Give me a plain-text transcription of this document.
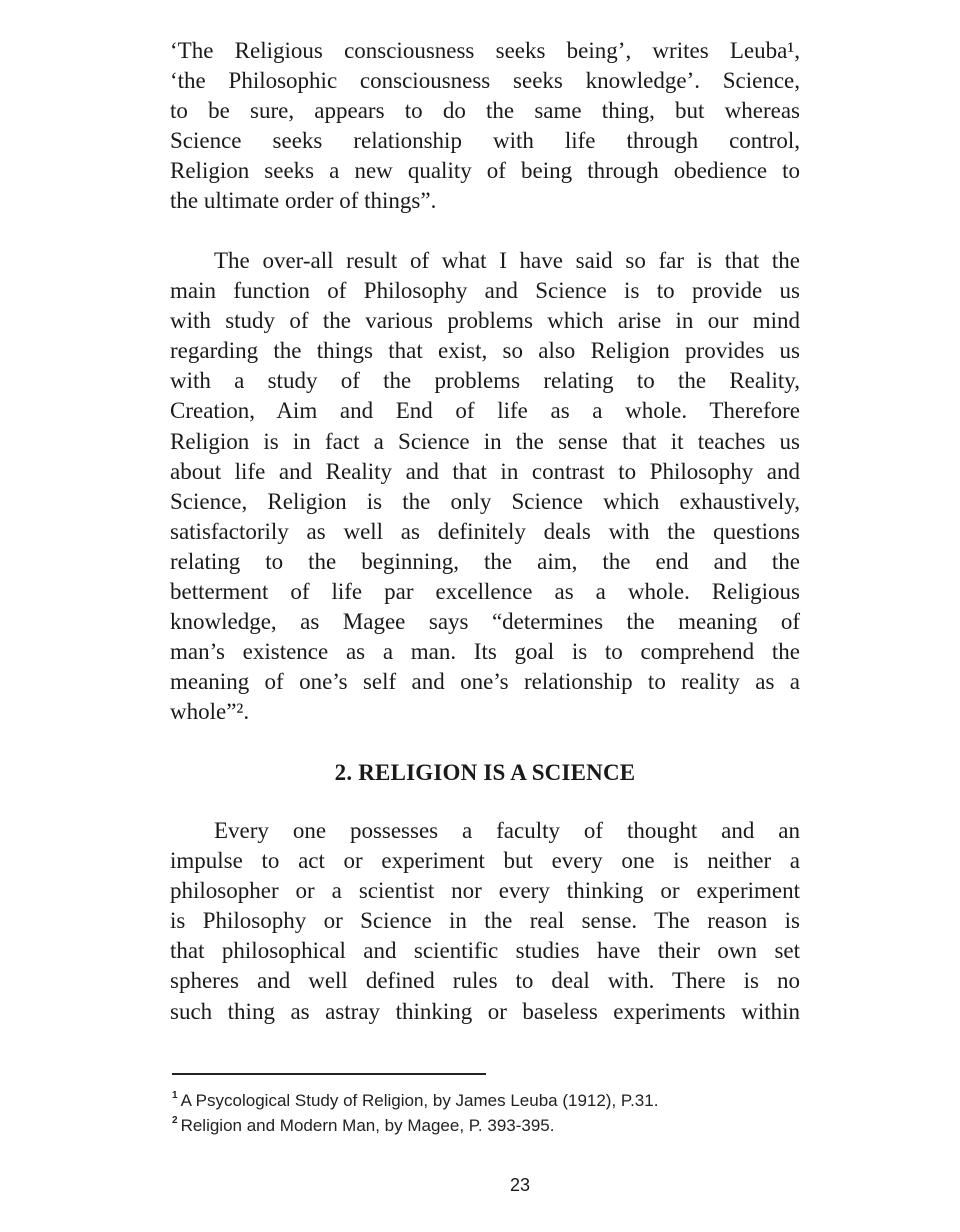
‘The Religious consciousness seeks being’, writes Leuba¹,
‘the Philosophic consciousness seeks knowledge’. Science,
to be sure, appears to do the same thing, but whereas
Science seeks relationship with life through control,
Religion seeks a new quality of being through obedience to
the ultimate order of things”.
The over-all result of what I have said so far is that the
main function of Philosophy and Science is to provide us
with study of the various problems which arise in our mind
regarding the things that exist, so also Religion provides us
with a study of the problems relating to the Reality,
Creation, Aim and End of life as a whole. Therefore
Religion is in fact a Science in the sense that it teaches us
about life and Reality and that in contrast to Philosophy and
Science, Religion is the only Science which exhaustively,
satisfactorily as well as definitely deals with the questions
relating to the beginning, the aim, the end and the
betterment of life par excellence as a whole. Religious
knowledge, as Magee says “determines the meaning of
man’s existence as a man. Its goal is to comprehend the
meaning of one’s self and one’s relationship to reality as a
whole”².
2. RELIGION IS A SCIENCE
Every one possesses a faculty of thought and an
impulse to act or experiment but every one is neither a
philosopher or a scientist nor every thinking or experiment
is Philosophy or Science in the real sense. The reason is
that philosophical and scientific studies have their own set
spheres and well defined rules to deal with. There is no
such thing as astray thinking or baseless experiments within
$^1$ A Psycological Study of Religion, by James Leuba (1912), P.31.
$^2$ Religion and Modern Man, by Magee, P. 393-395.
23
